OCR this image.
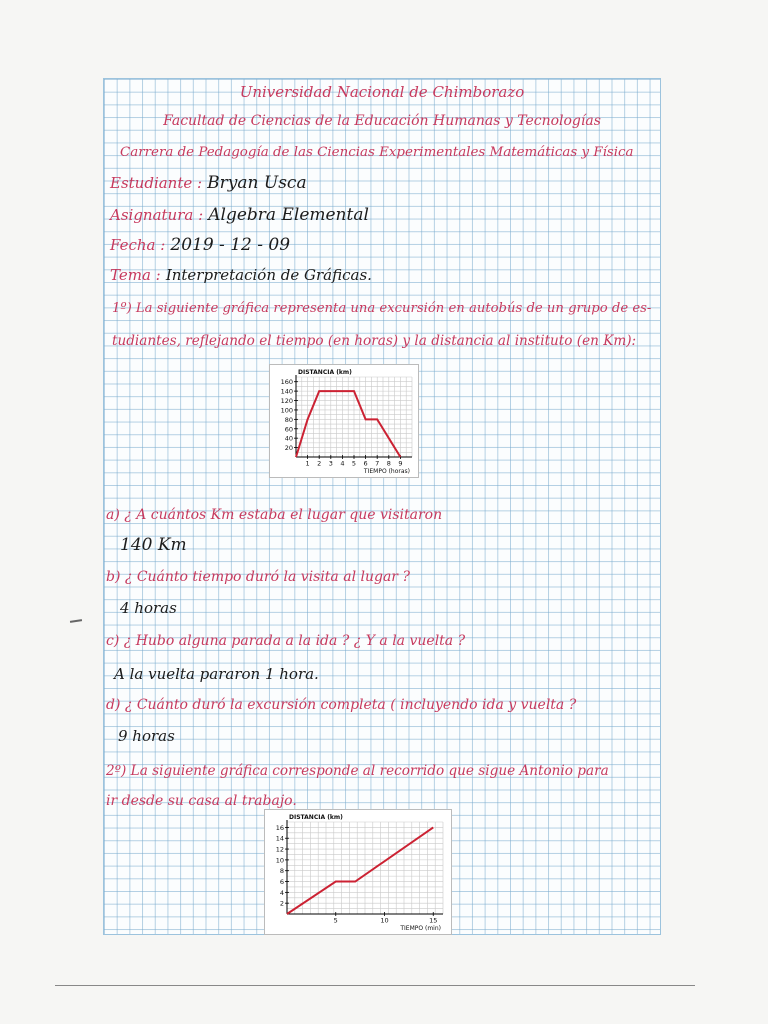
Universidad Nacional de Chimborazo
Facultad de Ciencias de la Educación Humanas y Tecnologías
Carrera de Pedagogía de las Ciencias Experimentales Matemáticas y Física
Estudiante : Bryan Usca
Asignatura : Algebra Elemental
Fecha : 2019 - 12 - 09
Tema : Interpretación de Gráficas.
1º) La siguiente gráfica representa una excursión en autobús de un grupo de es-
tudiantes, reflejando el tiempo (en horas) y la distancia al instituto (en Km):
20
40
60
80
100
120
140
160
1 2 3 4 5 6 7 8 9
DISTANCIA (km)
TIEMPO (horas)
a) ¿ A cuántos Km estaba el lugar que visitaron
140 Km
b) ¿ Cuánto tiempo duró la visita al lugar ?
4 horas
c) ¿ Hubo alguna parada a la ida ? ¿ Y a la vuelta ?
A la vuelta pararon 1 hora.
d) ¿ Cuánto duró la excursión completa ( incluyendo ida y vuelta ?
9 horas
2º) La siguiente gráfica corresponde al recorrido que sigue Antonio para
ir desde su casa al trabajo.
2
4
6
8
10
12
14
16
5	10	15
DISTANCIA (km)
TIEMPO (min)
